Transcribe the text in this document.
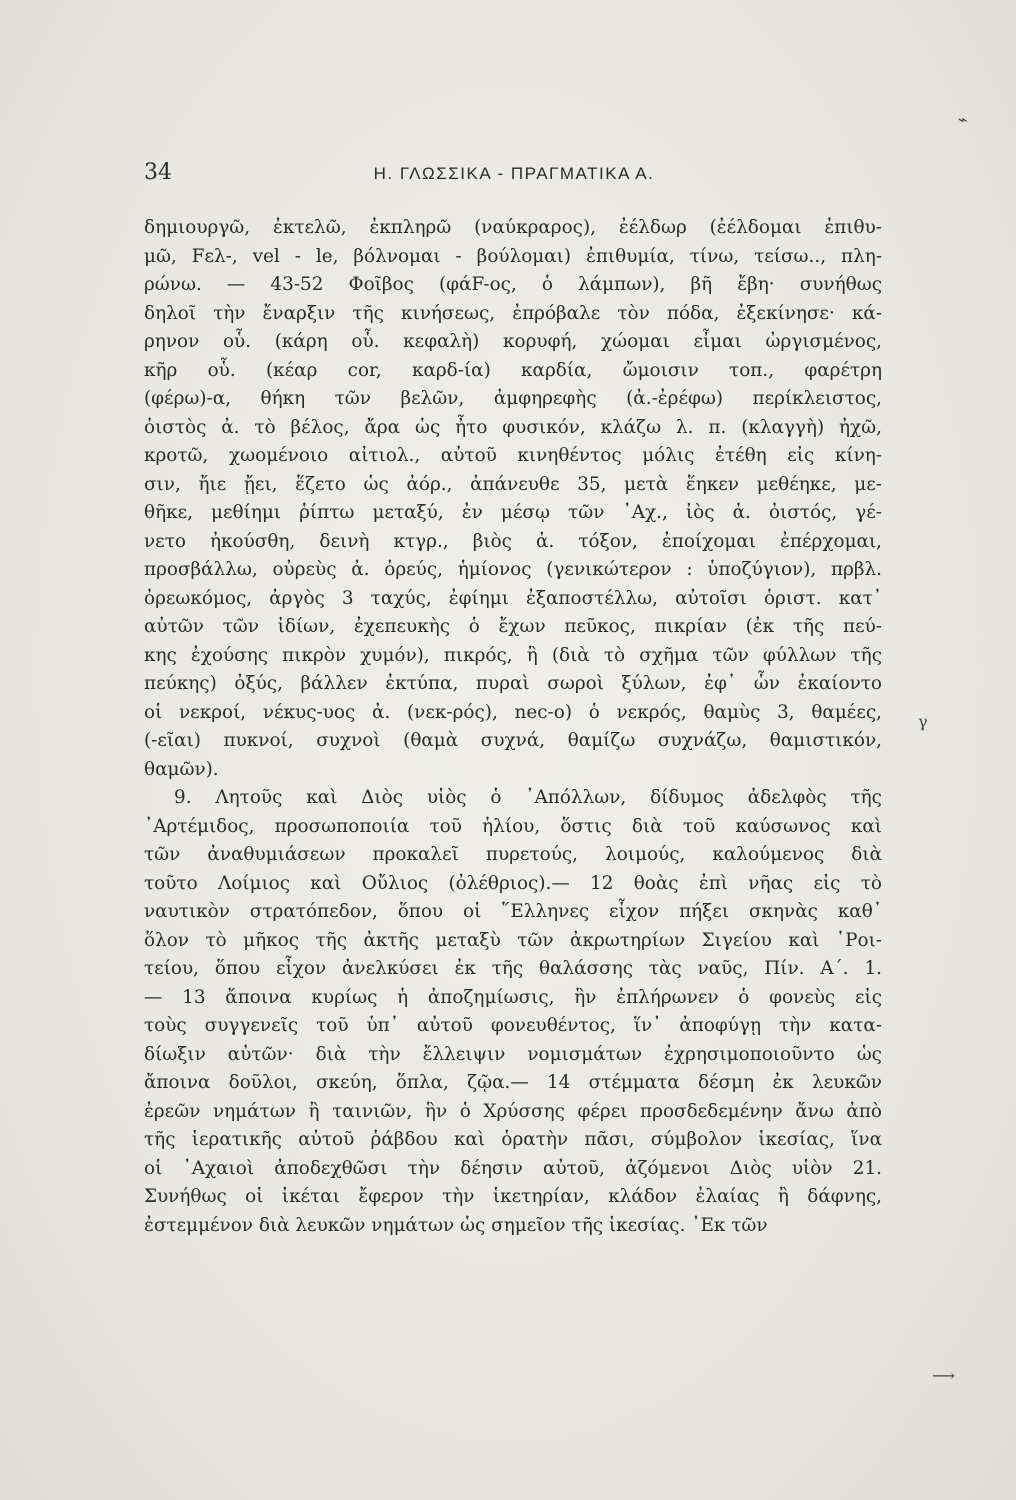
⌁
γ
⟶
34	Η. ΓΛΩΣΣΙΚΑ - ΠΡΑΓΜΑΤΙΚΑ Α.
δημιουργῶ, ἐκτελῶ, ἐκπληρῶ (ναύκραρος), ἐέλδωρ (ἐέλδομαι ἐπιθυ-
μῶ, Fελ-, vel - le, βόλνομαι - βούλομαι) ἐπιθυμία, τίνω, τείσω.., πλη-
ρώνω. — 43-52 Φοῖβος (φάF-ος, ὁ λάμπων), βῆ ἔβη· συνήθως
δηλοῖ τὴν ἔναρξιν τῆς κινήσεως, ἐπρόβαλε τὸν πόδα, ἐξεκίνησε· κά-
ρηνον οὗ. (κάρη οὗ. κεφαλὴ) κορυφή, χώομαι εἶμαι ὠργισμένος,
κῆρ οὗ. (κέαρ cor, καρδ-ία) καρδία, ὤμοισιν τοπ., φαρέτρη
(φέρω)-α, θήκη τῶν βελῶν, ἀμφηρεφὴς (ἀ.-ἐρέφω) περίκλειστος,
ὀιστὸς ἀ. τὸ βέλος, ἄρα ὡς ἦτο φυσικόν, κλάζω λ. π. (κλαγγὴ) ἠχῶ,
κροτῶ, χωομένοιο αἰτιολ., αὐτοῦ κινηθέντος μόλις ἐτέθη εἰς κίνη-
σιν, ἤιε ᾔει, ἕζετο ὡς ἀόρ., ἀπάνευθε 35, μετὰ ἕηκεν μεθέηκε, με-
θῆκε, μεθίημι ῥίπτω μεταξύ, ἐν μέσῳ τῶν ᾿Αχ., ἰὸς ἀ. ὀιστός, γέ-
νετο ἠκούσθη, δεινὴ κτγρ., βιὸς ἀ. τόξον, ἐποίχομαι ἐπέρχομαι,
προσβάλλω, οὐρεὺς ἀ. ὀρεύς, ἡμίονος (γενικώτερον : ὑποζύγιον), πρβλ.
ὀρεωκόμος, ἀργὸς 3 ταχύς, ἐφίημι ἐξαποστέλλω, αὐτοῖσι ὁριστ. κατ᾿
αὐτῶν τῶν ἰδίων, ἐχεπευκὴς ὁ ἔχων πεῦκος, πικρίαν (ἐκ τῆς πεύ-
κης ἐχούσης πικρὸν χυμόν), πικρός, ἢ (διὰ τὸ σχῆμα τῶν φύλλων τῆς
πεύκης) ὀξύς, βάλλεν ἐκτύπα, πυραὶ σωροὶ ξύλων, ἐφ᾿ ὧν ἐκαίοντο
οἱ νεκροί, νέκυς-υος ἀ. (νεκ-ρός), nec-o) ὁ νεκρός, θαμὺς 3, θαμέες,
(-εῖαι) πυκνοί, συχνοὶ (θαμὰ συχνά, θαμίζω συχνάζω, θαμιστικόν,
θαμῶν).
9. Λητοῦς καὶ Διὸς υἱὸς ὁ ᾿Απόλλων, δίδυμος ἀδελφὸς τῆς
᾿Αρτέμιδος, προσωποποιία τοῦ ἡλίου, ὅστις διὰ τοῦ καύσωνος καὶ
τῶν ἀναθυμιάσεων προκαλεῖ πυρετούς, λοιμούς, καλούμενος διὰ
τοῦτο Λοίμιος καὶ Οὔλιος (ὀλέθριος).— 12 θοὰς ἐπὶ νῆας εἰς τὸ
ναυτικὸν στρατόπεδον, ὅπου οἱ ῞Ελληνες εἶχον πήξει σκηνὰς καθ᾿
ὅλον τὸ μῆκος τῆς ἀκτῆς μεταξὺ τῶν ἀκρωτηρίων Σιγείου καὶ ῾Ροι-
τείου, ὅπου εἶχον ἀνελκύσει ἐκ τῆς θαλάσσης τὰς ναῦς, Πίν. Α΄. 1.
— 13 ἄποινα κυρίως ἡ ἀποζημίωσις, ἣν ἐπλήρωνεν ὁ φονεὺς εἰς
τοὺς συγγενεῖς τοῦ ὑπ᾿ αὐτοῦ φονευθέντος, ἵν᾿ ἀποφύγῃ τὴν κατα-
δίωξιν αὐτῶν· διὰ τὴν ἔλλειψιν νομισμάτων ἐχρησιμοποιοῦντο ὡς
ἄποινα δοῦλοι, σκεύη, ὅπλα, ζῷα.— 14 στέμματα δέσμη ἐκ λευκῶν
ἐρεῶν νημάτων ἢ ταινιῶν, ἣν ὁ Χρύσσης φέρει προσδεδεμένην ἄνω ἀπὸ
τῆς ἱερατικῆς αὐτοῦ ῥάβδου καὶ ὁρατὴν πᾶσι, σύμβολον ἱκεσίας, ἵνα
οἱ ᾿Αχαιοὶ ἀποδεχθῶσι τὴν δέησιν αὐτοῦ, ἀζόμενοι Διὸς υἱὸν 21.
Συνήθως οἱ ἱκέται ἔφερον τὴν ἱκετηρίαν, κλάδον ἐλαίας ἢ δάφνης,
ἐστεμμένον διὰ λευκῶν νημάτων ὡς σημεῖον τῆς ἱκεσίας. ᾿Εκ τῶν
